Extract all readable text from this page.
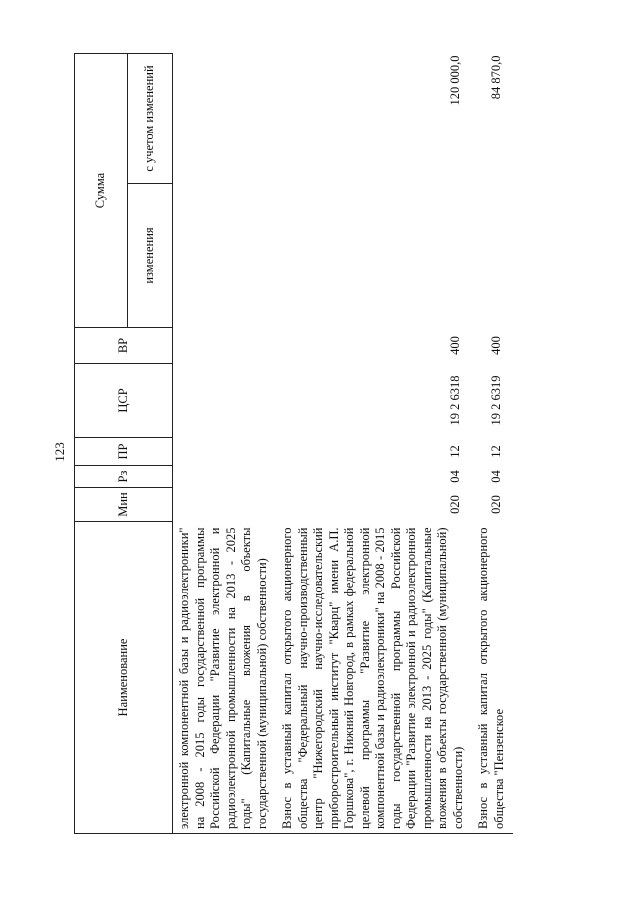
123
Наименование	Мин	Рз	ПР	ЦСР	ВР	Сумма	
						изменения	с учетом изменений
электронной компонентной базы и радиоэлектроники" на 2008 - 2015 годы государственной программы Российской Федерации "Развитие электронной и радиоэлектронной промышленности на 2013 - 2025 годы" (Капитальные вложения в объекты государственной (муниципальной) собственности)							
Взнос в уставный капитал открытого акционерного общества "Федеральный научно-производственный центр "Нижегородский научно-исследовательский приборостроительный институт "Кварц" имени А.П. Горшкова", г. Нижний Новгород, в рамках федеральной целевой программы "Развитие электронной компонентной базы и радиоэлектроники" на 2008 - 2015 годы государственной программы Российской Федерации "Развитие электронной и радиоэлектронной промышленности на 2013 - 2025 годы" (Капитальные вложения в объекты государственной (муниципальной) собственности)	020	04	12	19 2 6318	400		120 000,0
Взнос в уставный капитал открытого акционерного общества "Пензенское	020	04	12	19 2 6319	400		84 870,0
